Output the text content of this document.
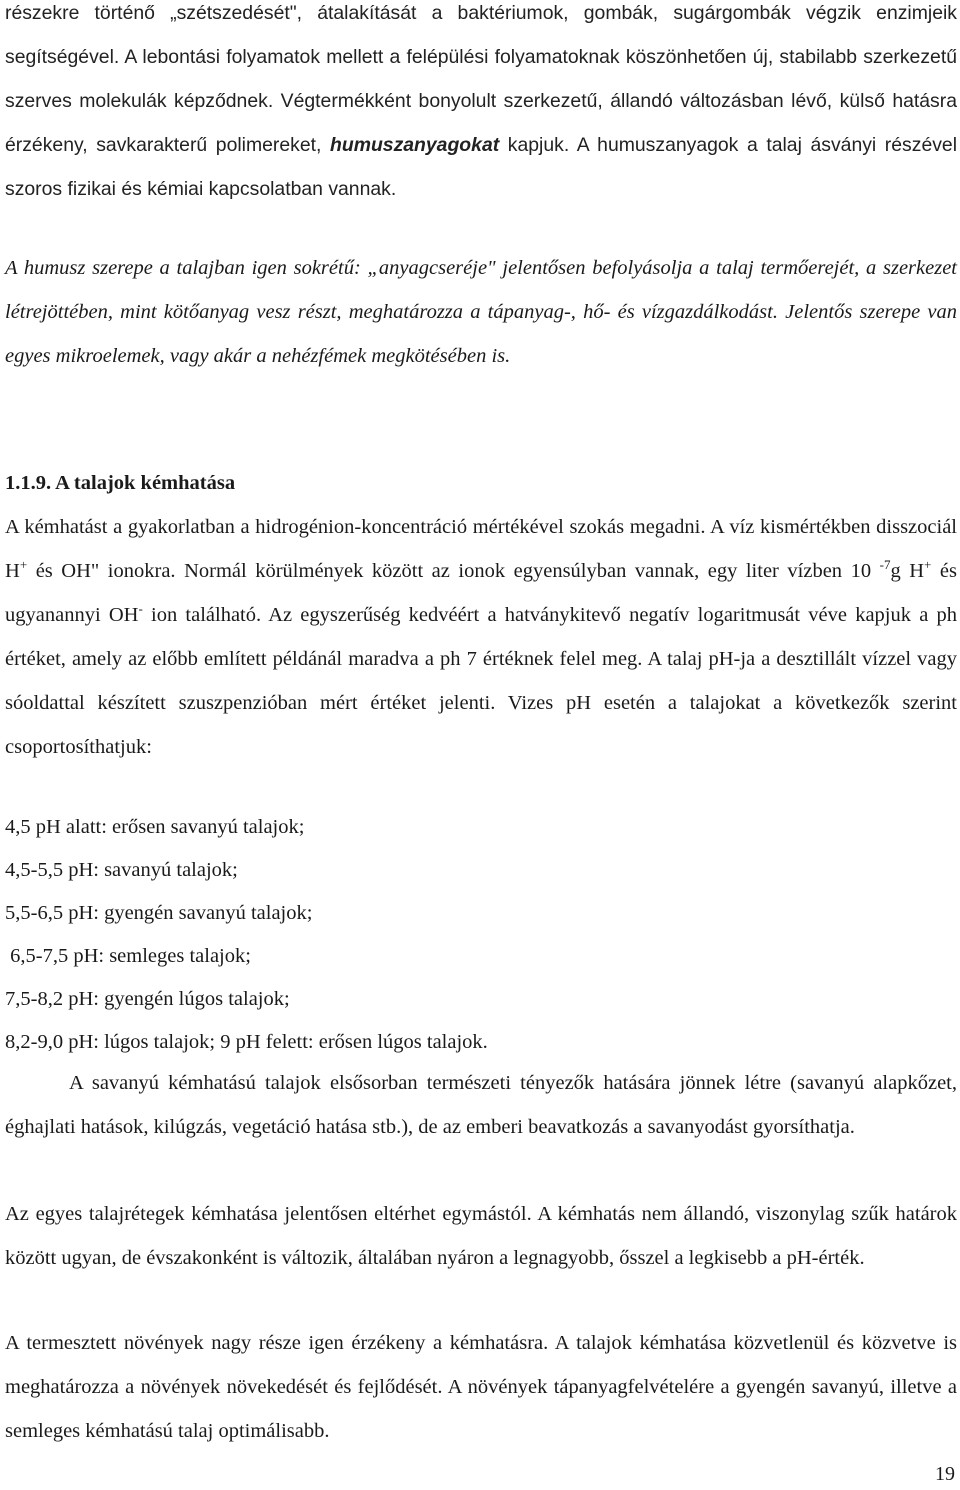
részekre történő „szétszedését", átalakítását a baktériumok, gombák, sugárgombák végzik enzimjeik segítségével. A lebontási folyamatok mellett a felépülési folyamatoknak köszönhetően új, stabilabb szerkezetű szerves molekulák képződnek. Végtermékként bonyolult szerkezetű, állandó változásban lévő, külső hatásra érzékeny, savkarakterű polimereket, humuszanyagokat kapjuk. A humuszanyagok a talaj ásványi részével szoros fizikai és kémiai kapcsolatban vannak.

A humusz szerepe a talajban igen sokrétű: „anyagcseréje" jelentősen befolyásolja a talaj termőerejét, a szerkezet létrejöttében, mint kötőanyag vesz részt, meghatározza a tápanyag-, hő- és vízgazdálkodást. Jelentős szerepe van egyes mikroelemek, vagy akár a nehézfémek megkötésében is.

1.1.9. A talajok kémhatása

A kémhatást a gyakorlatban a hidrogénion-koncentráció mértékével szokás megadni. A víz kismértékben disszociál H+ és OH" ionokra. Normál körülmények között az ionok egyensúlyban vannak, egy liter vízben 10 $^{-7}$g H+ és ugyanannyi OH- ion található. Az egyszerűség kedvéért a hatványkitevő negatív logaritmusát véve kapjuk a ph értéket, amely az előbb említett példánál maradva a ph 7 értéknek felel meg. A talaj pH-ja a desztillált vízzel vagy sóoldattal készített szuszpenzióban mért értéket jelenti. Vizes pH esetén a talajokat a következők szerint csoportosíthatjuk:

4,5 pH alatt: erősen savanyú talajok;
4,5-5,5 pH: savanyú talajok;
5,5-6,5 pH: gyengén savanyú talajok;
6,5-7,5 pH: semleges talajok;
7,5-8,2 pH: gyengén lúgos talajok;
8,2-9,0 pH: lúgos talajok; 9 pH felett: erősen lúgos talajok.

A savanyú kémhatású talajok elsősorban természeti tényezők hatására jönnek létre (savanyú alapkőzet, éghajlati hatások, kilúgzás, vegetáció hatása stb.), de az emberi beavatkozás a savanyodást gyorsíthatja.

Az egyes talajrétegek kémhatása jelentősen eltérhet egymástól. A kémhatás nem állandó, viszonylag szűk határok között ugyan, de évszakonként is változik, általában nyáron a legnagyobb, ősszel a legkisebb a pH-érték.

A termesztett növények nagy része igen érzékeny a kémhatásra. A talajok kémhatása közvetlenül és közvetve is meghatározza a növények növekedését és fejlődését. A növények tápanyagfelvételére a gyengén savanyú, illetve a semleges kémhatású talaj optimálisabb.

19
